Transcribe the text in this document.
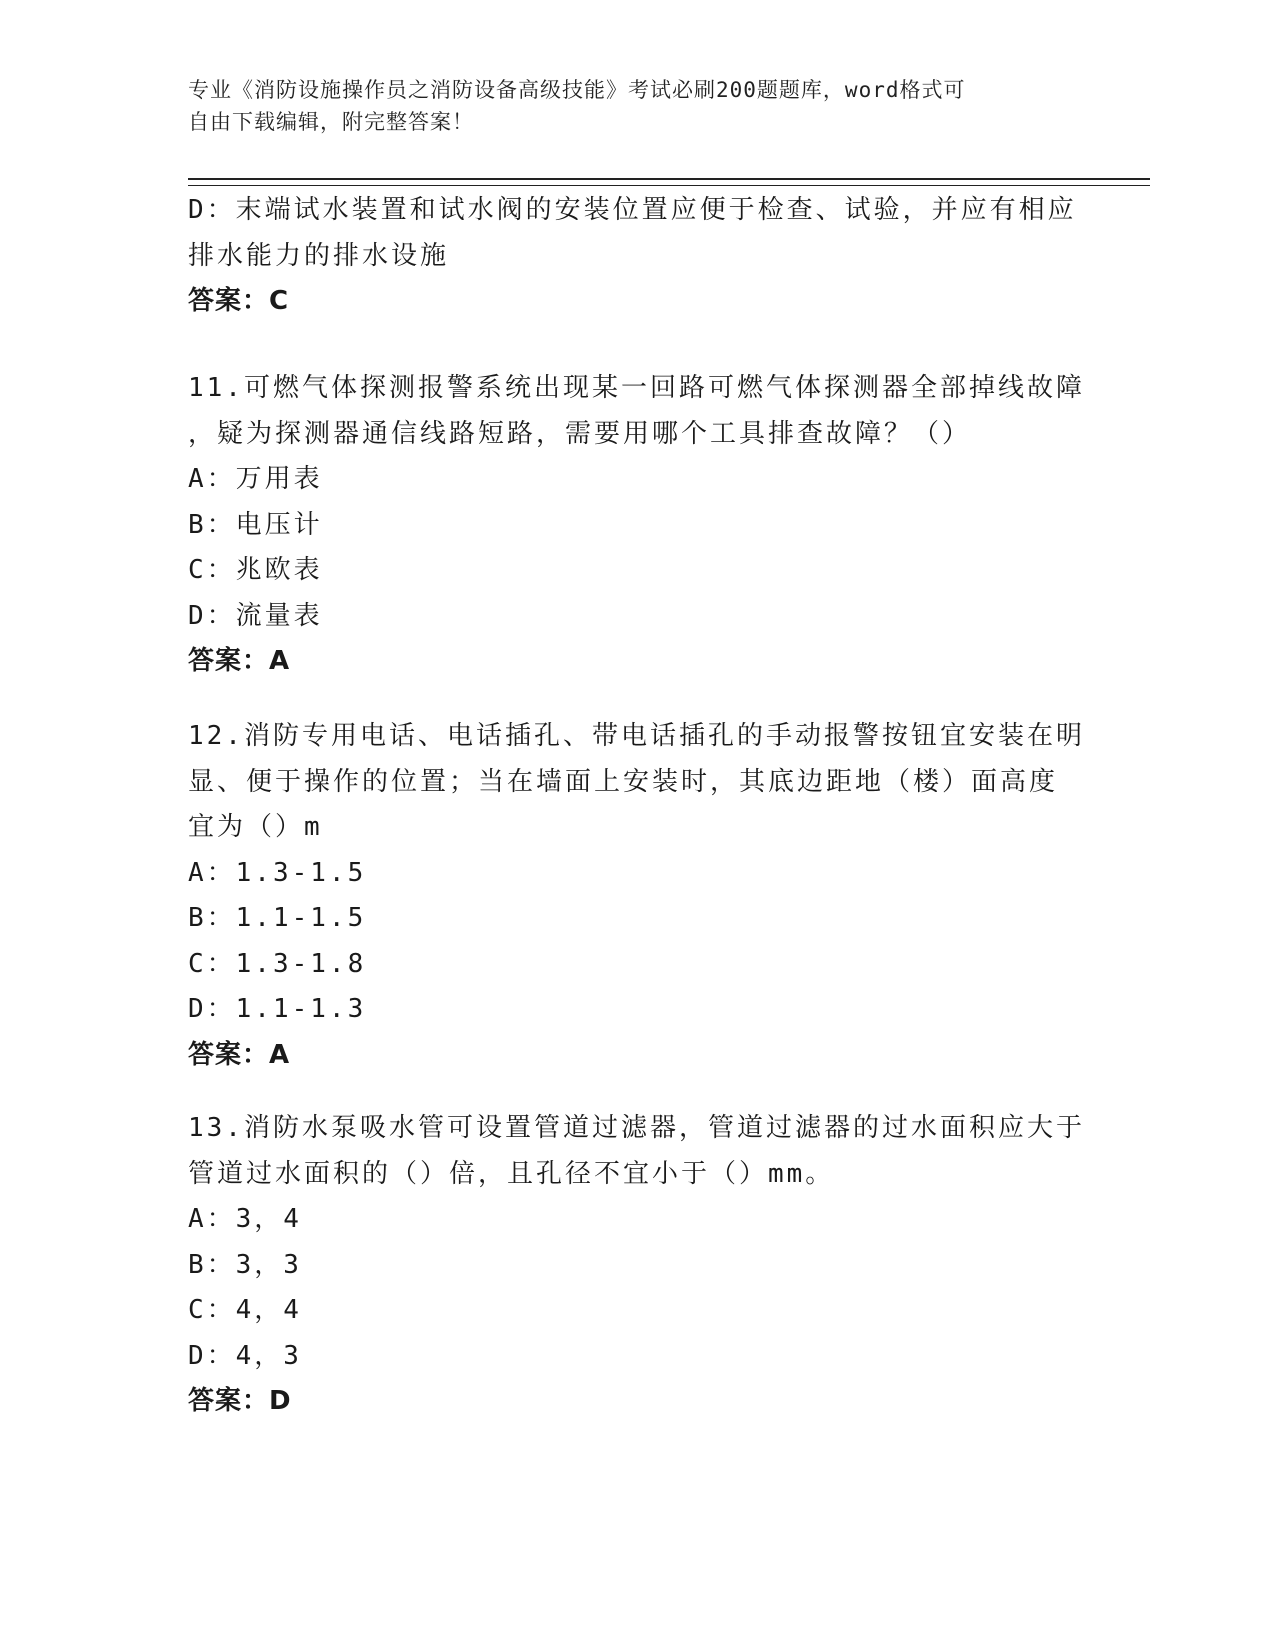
专业《消防设施操作员之消防设备高级技能》考试必刷200题题库，word格式可
自由下载编辑，附完整答案！
D：末端试水装置和试水阀的安装位置应便于检查、试验，并应有相应
排水能力的排水设施
答案：C
11.可燃气体探测报警系统出现某一回路可燃气体探测器全部掉线故障
，疑为探测器通信线路短路，需要用哪个工具排查故障？（）
A：万用表
B：电压计
C：兆欧表
D：流量表
答案：A
12.消防专用电话、电话插孔、带电话插孔的手动报警按钮宜安装在明
显、便于操作的位置；当在墙面上安装时，其底边距地（楼）面高度
宜为（）m
A：1.3-1.5
B：1.1-1.5
C：1.3-1.8
D：1.1-1.3
答案：A
13.消防水泵吸水管可设置管道过滤器，管道过滤器的过水面积应大于
管道过水面积的（）倍，且孔径不宜小于（）mm。
A：3，4
B：3，3
C：4，4
D：4，3
答案：D
